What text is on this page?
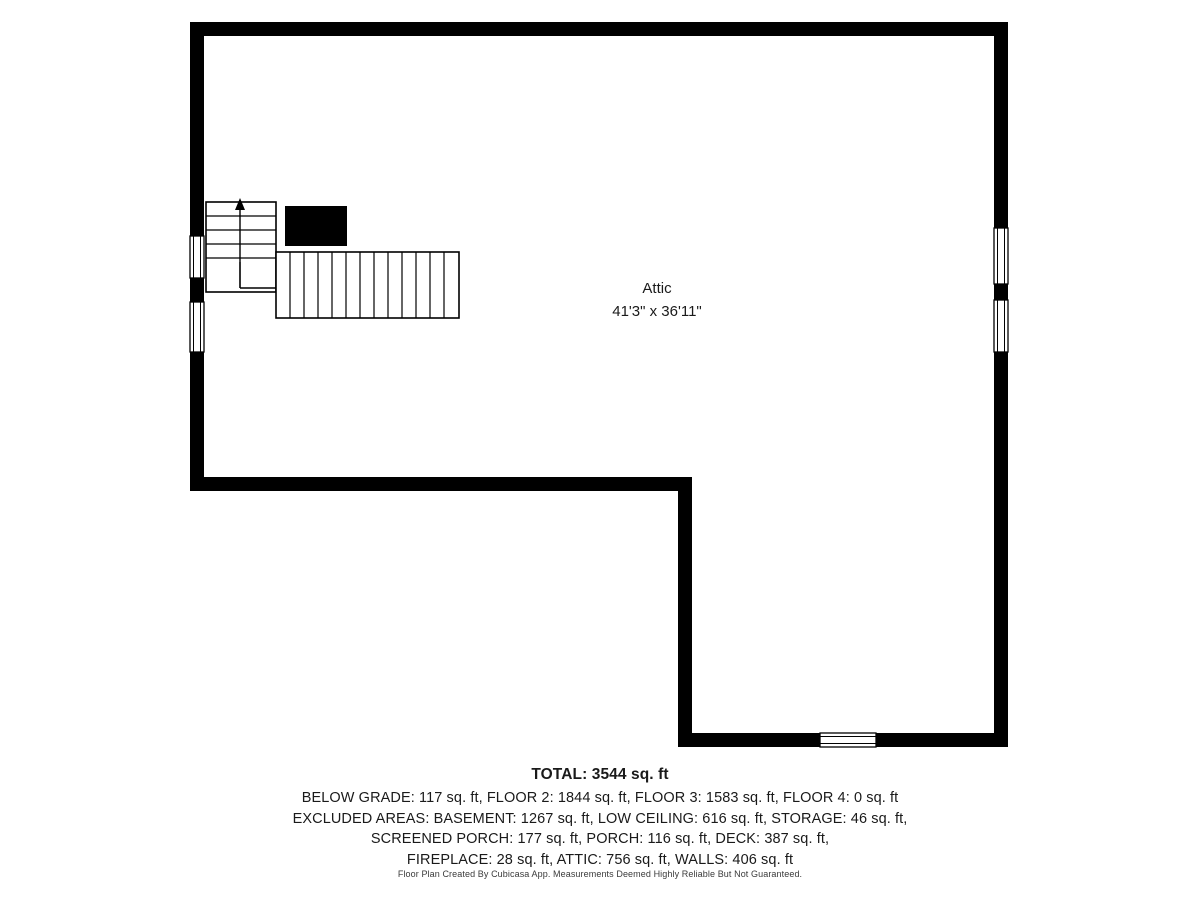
Attic
41'3" x 36'11"
TOTAL: 3544 sq. ft
BELOW GRADE: 117 sq. ft, FLOOR 2: 1844 sq. ft, FLOOR 3: 1583 sq. ft, FLOOR 4: 0 sq. ft
EXCLUDED AREAS: BASEMENT: 1267 sq. ft, LOW CEILING: 616 sq. ft, STORAGE: 46 sq. ft,
SCREENED PORCH: 177 sq. ft, PORCH: 116 sq. ft, DECK: 387 sq. ft,
FIREPLACE: 28 sq. ft, ATTIC: 756 sq. ft, WALLS: 406 sq. ft
Floor Plan Created By Cubicasa App. Measurements Deemed Highly Reliable But Not Guaranteed.
